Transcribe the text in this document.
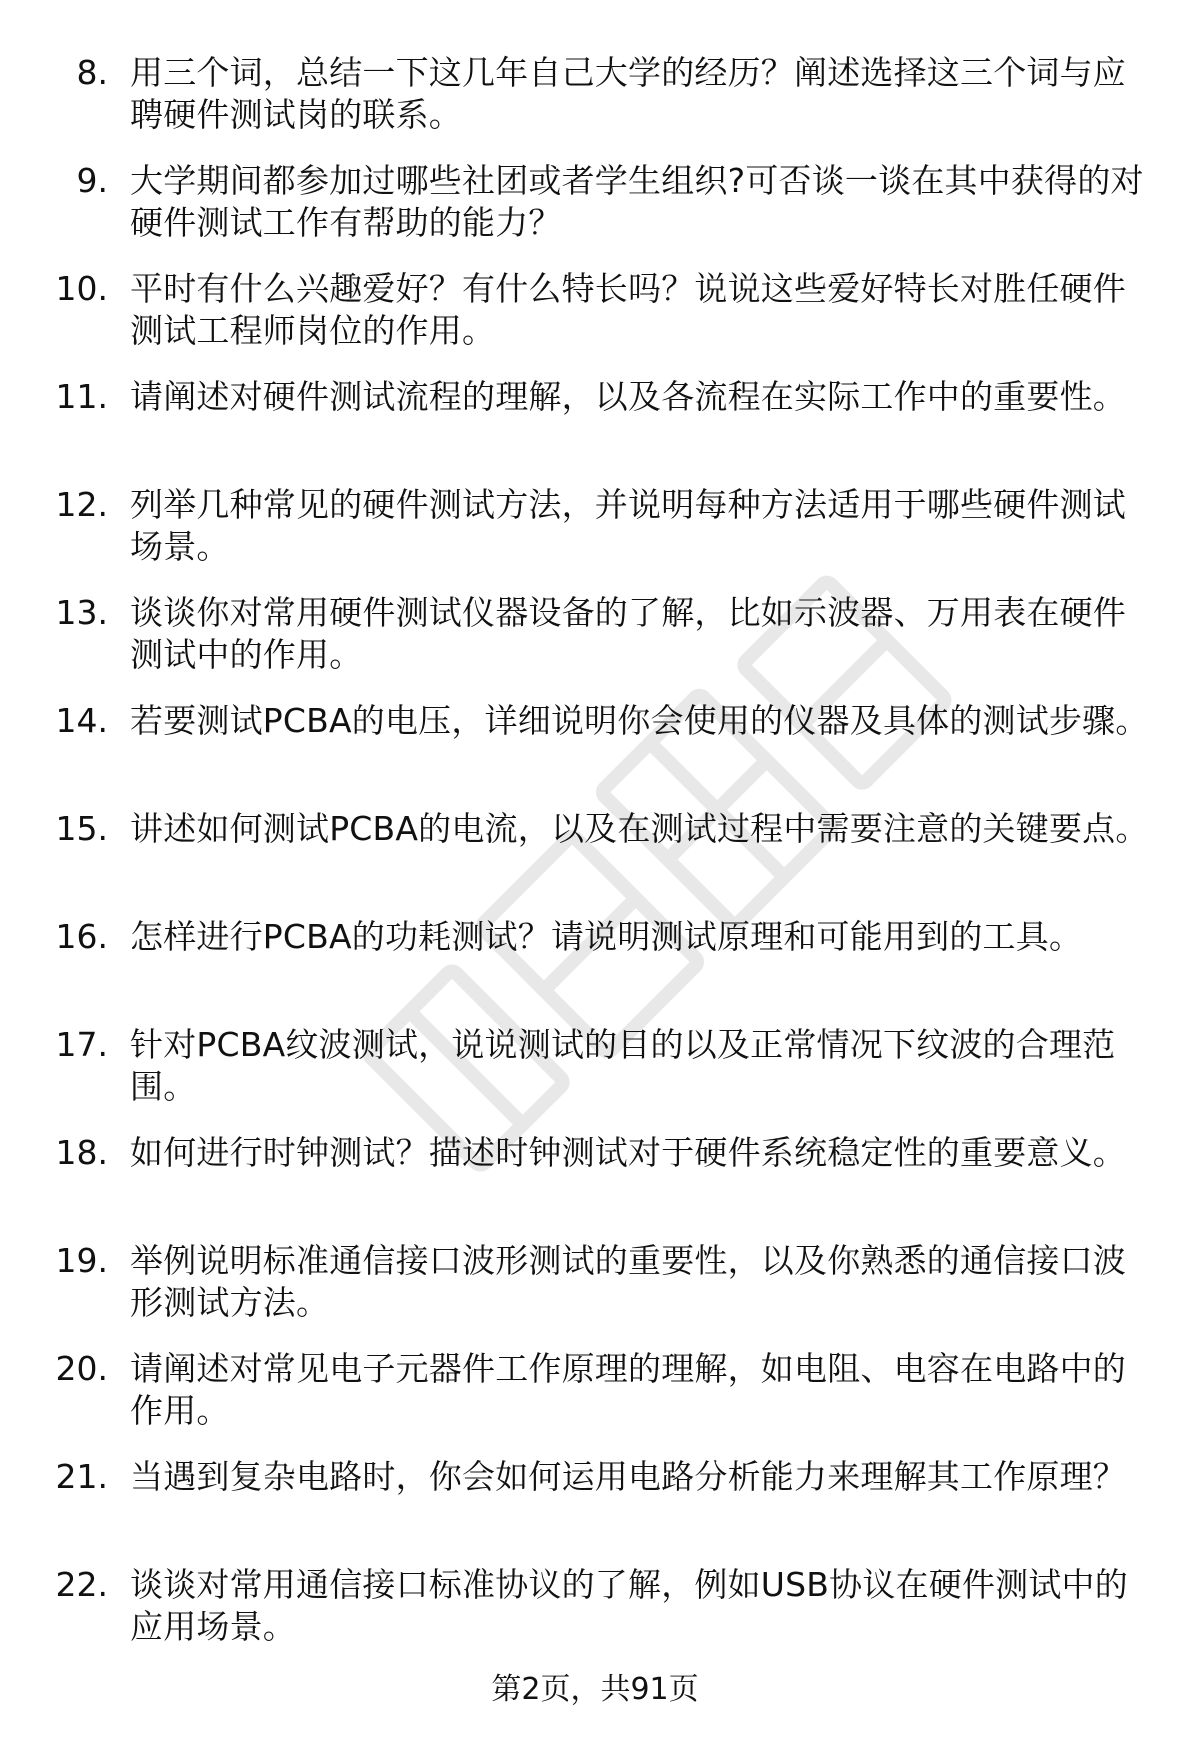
8. 用三个词，总结一下这几年自己大学的经历？阐述选择这三个词与应聘硬件测试岗的联系。
9. 大学期间都参加过哪些社团或者学生组织?可否谈一谈在其中获得的对硬件测试工作有帮助的能力？
10. 平时有什么兴趣爱好？有什么特长吗？说说这些爱好特长对胜任硬件测试工程师岗位的作用。
11. 请阐述对硬件测试流程的理解，以及各流程在实际工作中的重要性。
12. 列举几种常见的硬件测试方法，并说明每种方法适用于哪些硬件测试场景。
13. 谈谈你对常用硬件测试仪器设备的了解，比如示波器、万用表在硬件测试中的作用。
14. 若要测试PCBA的电压，详细说明你会使用的仪器及具体的测试步骤。
15. 讲述如何测试PCBA的电流，以及在测试过程中需要注意的关键要点。
16. 怎样进行PCBA的功耗测试？请说明测试原理和可能用到的工具。
17. 针对PCBA纹波测试，说说测试的目的以及正常情况下纹波的合理范围。
18. 如何进行时钟测试？描述时钟测试对于硬件系统稳定性的重要意义。
19. 举例说明标准通信接口波形测试的重要性，以及你熟悉的通信接口波形测试方法。
20. 请阐述对常见电子元器件工作原理的理解，如电阻、电容在电路中的作用。
21. 当遇到复杂电路时，你会如何运用电路分析能力来理解其工作原理？
22. 谈谈对常用通信接口标准协议的了解，例如USB协议在硬件测试中的应用场景。
第2页，共91页
